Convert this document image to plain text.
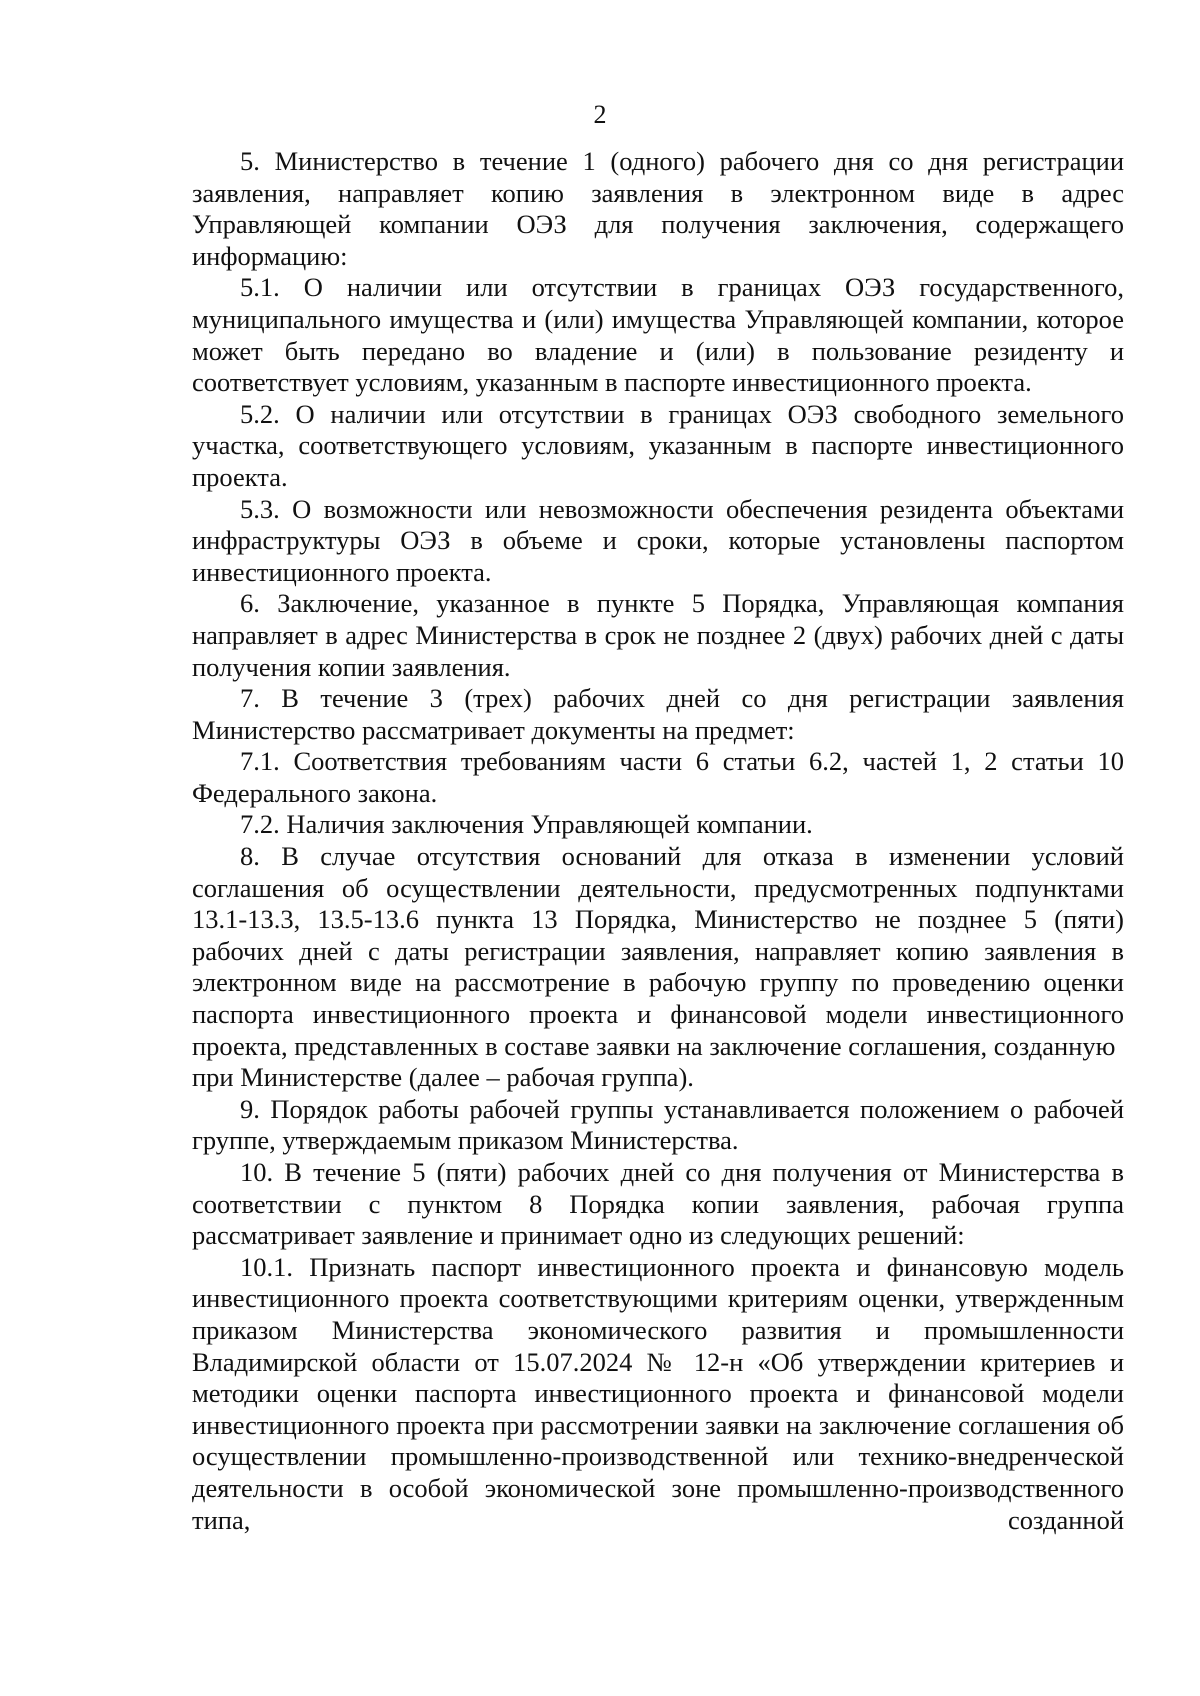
2

5. Министерство в течение 1 (одного) рабочего дня со дня регистрации заявления, направляет копию заявления в электронном виде в адрес Управляющей компании ОЭЗ для получения заключения, содержащего информацию:

5.1. О наличии или отсутствии в границах ОЭЗ государственного, муниципального имущества и (или) имущества Управляющей компании, которое может быть передано во владение и (или) в пользование резиденту и соответствует условиям, указанным в паспорте инвестиционного проекта.

5.2. О наличии или отсутствии в границах ОЭЗ свободного земельного участка, соответствующего условиям, указанным в паспорте инвестиционного проекта.

5.3. О возможности или невозможности обеспечения резидента объектами инфраструктуры ОЭЗ в объеме и сроки, которые установлены паспортом инвестиционного проекта.

6. Заключение, указанное в пункте 5 Порядка, Управляющая компания направляет в адрес Министерства в срок не позднее 2 (двух) рабочих дней с даты получения копии заявления.

7. В течение 3 (трех) рабочих дней со дня регистрации заявления Министерство рассматривает документы на предмет:

7.1. Соответствия требованиям части 6 статьи 6.2, частей 1, 2 статьи 10 Федерального закона.

7.2. Наличия заключения Управляющей компании.

8. В случае отсутствия оснований для отказа в изменении условий соглашения об осуществлении деятельности, предусмотренных подпунктами 13.1-13.3, 13.5-13.6 пункта 13 Порядка, Министерство не позднее 5 (пяти) рабочих дней с даты регистрации заявления, направляет копию заявления в электронном виде на рассмотрение в рабочую группу по проведению оценки паспорта инвестиционного проекта и финансовой модели инвестиционного проекта, представленных в составе заявки на заключение соглашения, созданную

при Министерстве (далее – рабочая группа).

9. Порядок работы рабочей группы устанавливается положением о рабочей группе, утверждаемым приказом Министерства.

10. В течение 5 (пяти) рабочих дней со дня получения от Министерства в соответствии с пунктом 8 Порядка копии заявления, рабочая группа рассматривает заявление и принимает одно из следующих решений:

10.1. Признать паспорт инвестиционного проекта и финансовую модель инвестиционного проекта соответствующими критериям оценки, утвержденным приказом Министерства экономического развития и промышленности Владимирской области от 15.07.2024 № 12-н «Об утверждении критериев и методики оценки паспорта инвестиционного проекта и финансовой модели инвестиционного проекта при рассмотрении заявки на заключение соглашения об осуществлении промышленно-производственной или технико-внедренческой деятельности в особой экономической зоне промышленно-производственного типа, созданной
